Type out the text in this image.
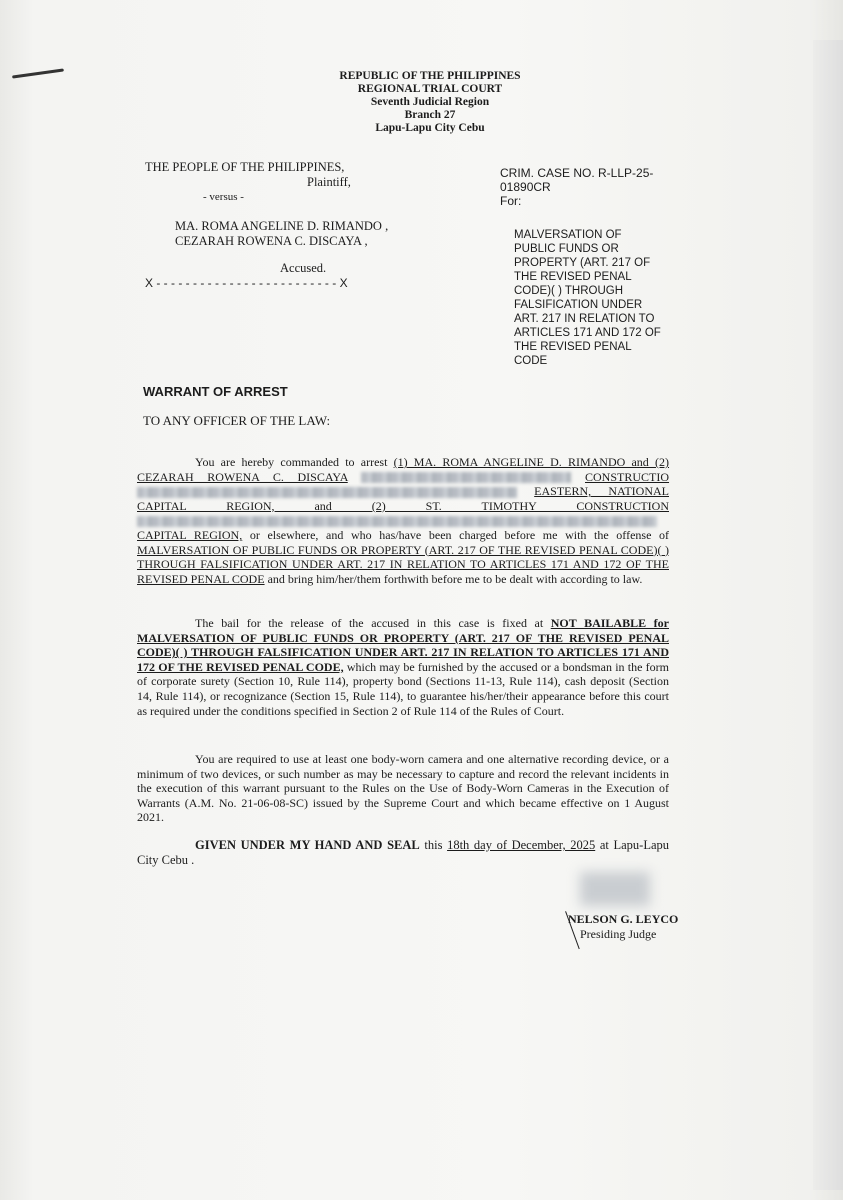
REPUBLIC OF THE PHILIPPINES
REGIONAL TRIAL COURT
Seventh Judicial Region
Branch 27
Lapu-Lapu City Cebu
THE PEOPLE OF THE PHILIPPINES,
Plaintiff,
- versus -
MA. ROMA ANGELINE D. RIMANDO ,
CEZARAH ROWENA C. DISCAYA ,
Accused.
X - - - - - - - - - - - - - - - - - - - - - - - - - X
CRIM. CASE NO. R-LLP-25-
01890CR
For:
MALVERSATION OF
PUBLIC FUNDS OR
PROPERTY (ART. 217 OF
THE REVISED PENAL
CODE)( ) THROUGH
FALSIFICATION UNDER
ART. 217 IN RELATION TO
ARTICLES 171 AND 172 OF
THE REVISED PENAL
CODE
WARRANT OF ARREST
TO ANY OFFICER OF THE LAW:

You are hereby commanded to arrest (1) MA. ROMA ANGELINE D. RIMANDO and (2) CEZARAH ROWENA C. DISCAYA	CONSTRUCTIO  EASTERN, NATIONAL CAPITAL REGION, and (2) ST. TIMOTHY CONSTRUCTION  CAPITAL REGION, or elsewhere, and who has/have been charged before me with the offense of MALVERSATION OF PUBLIC FUNDS OR PROPERTY (ART. 217 OF THE REVISED PENAL CODE)( ) THROUGH FALSIFICATION UNDER ART. 217 IN RELATION TO ARTICLES 171 AND 172 OF THE REVISED PENAL CODE and bring him/her/them forthwith before me to be dealt with according to law.

The bail for the release of the accused in this case is fixed at NOT BAILABLE for MALVERSATION OF PUBLIC FUNDS OR PROPERTY (ART. 217 OF THE REVISED PENAL CODE)( ) THROUGH FALSIFICATION UNDER ART. 217 IN RELATION TO ARTICLES 171 AND 172 OF THE REVISED PENAL CODE, which may be furnished by the accused or a bondsman in the form of corporate surety (Section 10, Rule 114), property bond (Sections 11-13, Rule 114), cash deposit (Section 14, Rule 114), or recognizance (Section 15, Rule 114), to guarantee his/her/their appearance before this court as required under the conditions specified in Section 2 of Rule 114 of the Rules of Court.

You are required to use at least one body-worn camera and one alternative recording device, or a minimum of two devices, or such number as may be necessary to capture and record the relevant incidents in the execution of this warrant pursuant to the Rules on the Use of Body-Worn Cameras in the Execution of Warrants (A.M. No. 21-06-08-SC) issued by the Supreme Court and which became effective on 1 August 2021.

GIVEN UNDER MY HAND AND SEAL this 18th day of December, 2025 at Lapu-Lapu City Cebu .

NELSON G. LEYCO
Presiding Judge
